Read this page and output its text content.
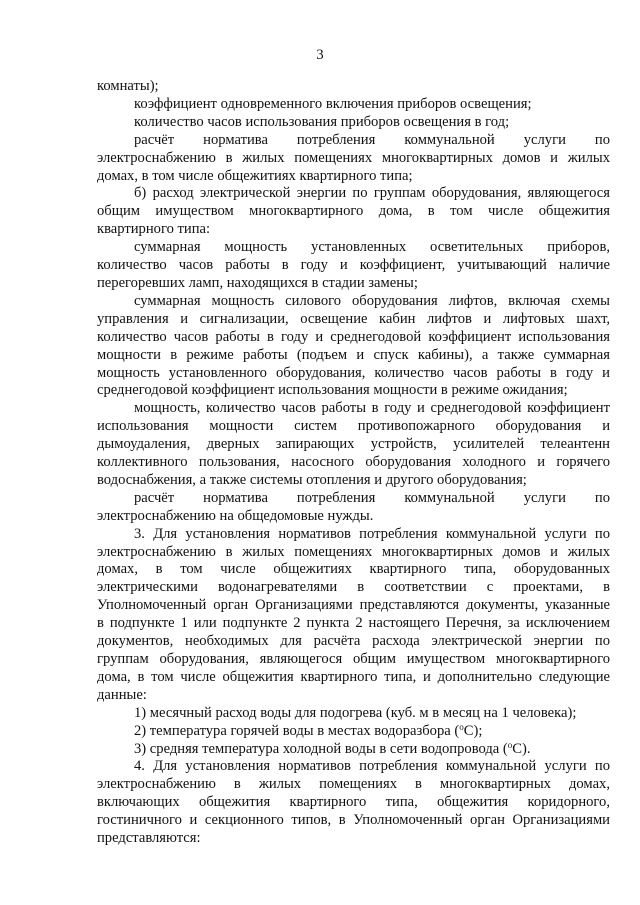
3
комнаты);
коэффициент одновременного включения приборов освещения;
количество часов использования приборов освещения в год;
расчёт норматива потребления коммунальной услуги по
электроснабжению в жилых помещениях многоквартирных домов и жилых
домах, в том числе общежитиях квартирного типа;
б) расход электрической энергии по группам оборудования, являющегося
общим имуществом многоквартирного дома, в том числе общежития
квартирного типа:
суммарная мощность установленных осветительных приборов,
количество часов работы в году и коэффициент, учитывающий наличие
перегоревших ламп, находящихся в стадии замены;
суммарная мощность силового оборудования лифтов, включая схемы
управления и сигнализации, освещение кабин лифтов и лифтовых шахт,
количество часов работы в году и среднегодовой коэффициент использования
мощности в режиме работы (подъем и спуск кабины), а также суммарная
мощность установленного оборудования, количество часов работы в году и
среднегодовой коэффициент использования мощности в режиме ожидания;
мощность, количество часов работы в году и среднегодовой коэффициент
использования мощности систем противопожарного оборудования и
дымоудаления, дверных запирающих устройств, усилителей телеантенн
коллективного пользования, насосного оборудования холодного и горячего
водоснабжения, а также системы отопления и другого оборудования;
расчёт норматива потребления коммунальной услуги по
электроснабжению на общедомовые нужды.
3. Для установления нормативов потребления коммунальной услуги по
электроснабжению в жилых помещениях многоквартирных домов и жилых
домах, в том числе общежитиях квартирного типа, оборудованных
электрическими водонагревателями в соответствии с проектами, в
Уполномоченный орган Организациями представляются документы, указанные
в подпункте 1 или подпункте 2 пункта 2 настоящего Перечня, за исключением
документов, необходимых для расчёта расхода электрической энергии по
группам оборудования, являющегося общим имуществом многоквартирного
дома, в том числе общежития квартирного типа, и дополнительно следующие
данные:
1) месячный расход воды для подогрева (куб. м в месяц на 1 человека);
2) температура горячей воды в местах водоразбора ($^o$C);
3) средняя температура холодной воды в сети водопровода ($^o$C).
4. Для установления нормативов потребления коммунальной услуги по
электроснабжению в жилых помещениях в многоквартирных домах,
включающих общежития квартирного типа, общежития коридорного,
гостиничного и секционного типов, в Уполномоченный орган Организациями
представляются:
